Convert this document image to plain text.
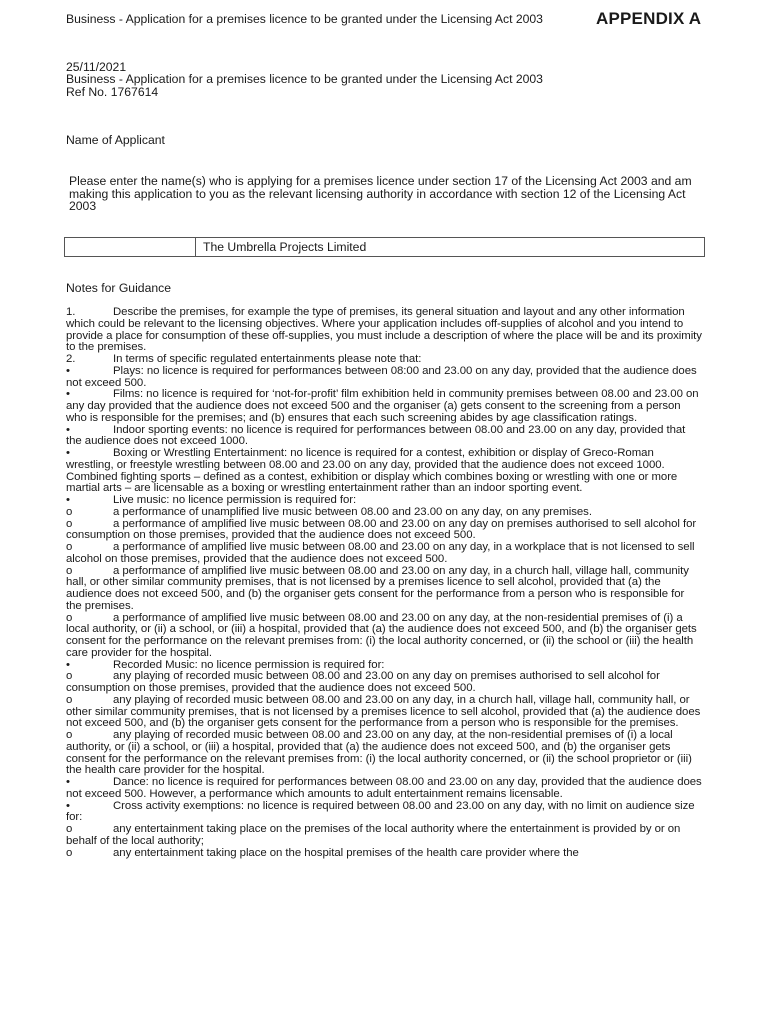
Business - Application for a premises licence to be granted under the Licensing Act 2003	APPENDIX A
25/11/2021
Business - Application for a premises licence to be granted under the Licensing Act 2003
Ref No. 1767614
Name of Applicant
Please enter the name(s) who is applying for a premises licence under section 17 of the Licensing Act 2003 and am making this application to you as the relevant licensing authority in accordance with section 12 of the Licensing Act 2003
The Umbrella Projects Limited
Notes for Guidance

1.	Describe the premises, for example the type of premises, its general situation and layout and any other information which could be relevant to the licensing objectives. Where your application includes off-supplies of alcohol and you intend to provide a place for consumption of these off-supplies, you must include a description of where the place will be and its proximity to the premises.

2.	In terms of specific regulated entertainments please note that:

•	Plays: no licence is required for performances between 08:00 and 23.00 on any day, provided that the audience does not exceed 500.

•	Films: no licence is required for ‘not-for-profit’ film exhibition held in community premises between 08.00 and 23.00 on any day provided that the audience does not exceed 500 and the organiser (a) gets consent to the screening from a person who is responsible for the premises; and (b) ensures that each such screening abides by age classification ratings.

•	Indoor sporting events: no licence is required for performances between 08.00 and 23.00 on any day, provided that the audience does not exceed 1000.

•	Boxing or Wrestling Entertainment: no licence is required for a contest, exhibition or display of Greco-Roman wrestling, or freestyle wrestling between 08.00 and 23.00 on any day, provided that the audience does not exceed 1000. Combined fighting sports – defined as a contest, exhibition or display which combines boxing or wrestling with one or more martial arts – are licensable as a boxing or wrestling entertainment rather than an indoor sporting event.

•	Live music: no licence permission is required for:

o	a performance of unamplified live music between 08.00 and 23.00 on any day, on any premises.

o	a performance of amplified live music between 08.00 and 23.00 on any day on premises authorised to sell alcohol for consumption on those premises, provided that the audience does not exceed 500.

o	a performance of amplified live music between 08.00 and 23.00 on any day, in a workplace that is not licensed to sell alcohol on those premises, provided that the audience does not exceed 500.

o	a performance of amplified live music between 08.00 and 23.00 on any day, in a church hall, village hall, community hall, or other similar community premises, that is not licensed by a premises licence to sell alcohol, provided that (a) the audience does not exceed 500, and (b) the organiser gets consent for the performance from a person who is responsible for the premises.

o	a performance of amplified live music between 08.00 and 23.00 on any day, at the non-residential premises of (i) a local authority, or (ii) a school, or (iii) a hospital, provided that (a) the audience does not exceed 500, and (b) the organiser gets consent for the performance on the relevant premises from: (i) the local authority concerned, or (ii) the school or (iii) the health care provider for the hospital.

•	Recorded Music: no licence permission is required for:

o	any playing of recorded music between 08.00 and 23.00 on any day on premises authorised to sell alcohol for consumption on those premises, provided that the audience does not exceed 500.

o	any playing of recorded music between 08.00 and 23.00 on any day, in a church hall, village hall, community hall, or other similar community premises, that is not licensed by a premises licence to sell alcohol, provided that (a) the audience does not exceed 500, and (b) the organiser gets consent for the performance from a person who is responsible for the premises.

o	any playing of recorded music between 08.00 and 23.00 on any day, at the non-residential premises of (i) a local authority, or (ii) a school, or (iii) a hospital, provided that (a) the audience does not exceed 500, and (b) the organiser gets consent for the performance on the relevant premises from: (i) the local authority concerned, or (ii) the school proprietor or (iii) the health care provider for the hospital.

•	Dance: no licence is required for performances between 08.00 and 23.00 on any day, provided that the audience does not exceed 500. However, a performance which amounts to adult entertainment remains licensable.

•	Cross activity exemptions: no licence is required between 08.00 and 23.00 on any day, with no limit on audience size for:

o	any entertainment taking place on the premises of the local authority where the entertainment is provided by or on behalf of the local authority;

o	any entertainment taking place on the hospital premises of the health care provider where the
